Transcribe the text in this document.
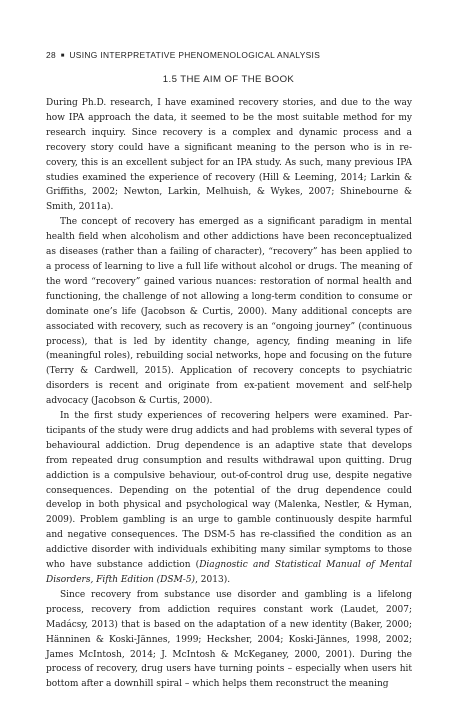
28 ■ USING INTERPRETATIVE PHENOMENOLOGICAL ANALYSIS
1.5 THE AIM OF THE BOOK

During Ph.D. research, I have examined recovery stories, and due to the way how IPA approach the data, it seemed to be the most suitable method for my research inquiry. Since recovery is a complex and dynamic process and a recovery story could have a significant meaning to the person who is in recovery, this is an excellent subject for an IPA study. As such, many previous IPA studies examined the experience of recovery (Hill & Leeming, 2014; Larkin & Griffiths, 2002; Newton, Larkin, Melhuish, & Wykes, 2007; Shinebourne & Smith, 2011a).

The concept of recovery has emerged as a significant paradigm in mental health field when alcoholism and other addictions have been reconceptualized as diseases (rather than a failing of character), “recovery” has been applied to a process of learning to live a full life without alcohol or drugs. The meaning of the word “recovery” gained various nuances: restoration of normal health and functioning, the challenge of not allowing a long-term condition to consume or dominate one’s life (Jacobson & Curtis, 2000). Many additional concepts are associated with recovery, such as recovery is an “ongoing journey” (continuous process), that is led by identity change, agency, finding meaning in life (meaningful roles), rebuilding social networks, hope and focusing on the future (Terry & Cardwell, 2015). Application of recovery concepts to psychiatric disorders is recent and originate from ex-patient movement and self-help advocacy (Jacobson & Curtis, 2000).

In the first study experiences of recovering helpers were examined. Participants of the study were drug addicts and had problems with several types of behavioural addiction. Drug dependence is an adaptive state that develops from repeated drug consumption and results withdrawal upon quitting. Drug addiction is a compulsive behaviour, out-of-control drug use, despite negative consequences. Depending on the potential of the drug dependence could develop in both physical and psychological way (Malenka, Nestler, & Hyman, 2009). Problem gambling is an urge to gamble continuously despite harmful and negative consequences. The DSM-5 has re-classified the condition as an addictive disorder with individuals exhibiting many similar symptoms to those who have substance addiction (Diagnostic and Statistical Manual of Mental Disorders, Fifth Edition (DSM-5), 2013).

Since recovery from substance use disorder and gambling is a lifelong process, recovery from addiction requires constant work (Laudet, 2007; Madácsy, 2013) that is based on the adaptation of a new identity (Baker, 2000; Hänninen & Koski-Jännes, 1999; Hecksher, 2004; Koski-Jännes, 1998, 2002; James McIntosh, 2014; J. McIntosh & McKeganey, 2000, 2001). During the process of recovery, drug users have turning points – especially when users hit bottom after a downhill spiral – which helps them reconstruct the meaning
